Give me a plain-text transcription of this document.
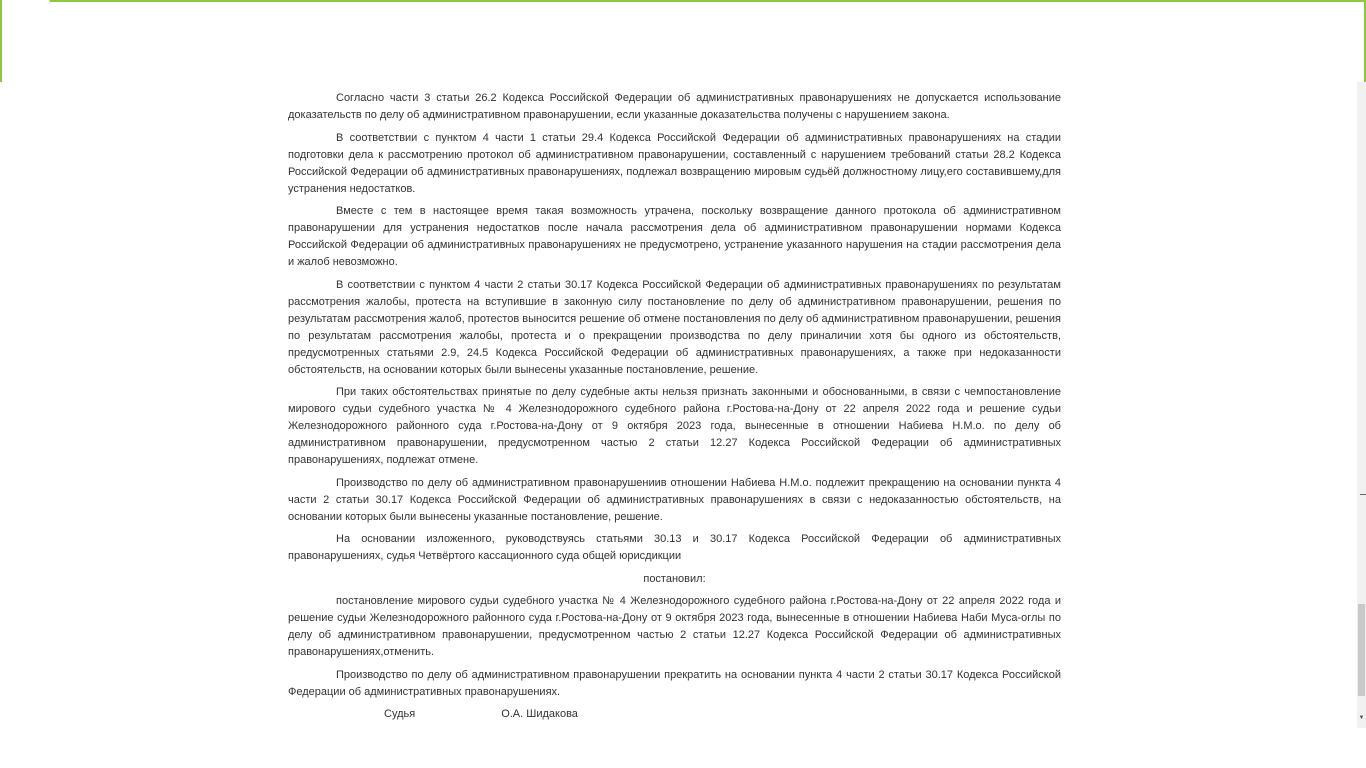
Согласно части 3 статьи 26.2 Кодекса Российской Федерации об административных правонарушениях не допускается использование доказательств по делу об административном правонарушении, если указанные доказательства получены с нарушением закона.

В соответствии с пунктом 4 части 1 статьи 29.4 Кодекса Российской Федерации об административных правонарушениях на стадии подготовки дела к рассмотрению протокол об административном правонарушении, составленный с нарушением требований статьи 28.2 Кодекса Российской Федерации об административных правонарушениях, подлежал возвращению мировым судьёй должностному лицу,его составившему,для устранения недостатков.

Вместе с тем в настоящее время такая возможность утрачена, поскольку возвращение данного протокола об административном правонарушении для устранения недостатков после начала рассмотрения дела об административном правонарушении нормами Кодекса Российской Федерации об административных правонарушениях не предусмотрено, устранение указанного нарушения на стадии рассмотрения дела и жалоб невозможно.

В соответствии с пунктом 4 части 2 статьи 30.17 Кодекса Российской Федерации об административных правонарушениях по результатам рассмотрения жалобы, протеста на вступившие в законную силу постановление по делу об административном правонарушении, решения по результатам рассмотрения жалоб, протестов выносится решение об отмене постановления по делу об административном правонарушении, решения по результатам рассмотрения жалобы, протеста и о прекращении производства по делу приналичии хотя бы одного из обстоятельств, предусмотренных статьями 2.9, 24.5 Кодекса Российской Федерации об административных правонарушениях, а также при недоказанности обстоятельств, на основании которых были вынесены указанные постановление, решение.

При таких обстоятельствах принятые по делу судебные акты нельзя признать законными и обоснованными, в связи с чемпостановление мирового судьи судебного участка № 4 Железнодорожного судебного района г.Ростова-на-Дону от 22 апреля 2022 года и решение судьи Железнодорожного районного суда г.Ростова-на-Дону от 9 октября 2023 года, вынесенные в отношении Набиева Н.М.о. по делу об административном правонарушении, предусмотренном частью 2 статьи 12.27 Кодекса Российской Федерации об административных правонарушениях, подлежат отмене.

Производство по делу об административном правонарушениив отношении Набиева Н.М.о. подлежит прекращению на основании пункта 4 части 2 статьи 30.17 Кодекса Российской Федерации об административных правонарушениях в связи с недоказанностью обстоятельств, на основании которых были вынесены указанные постановление, решение.

На основании изложенного, руководствуясь статьями 30.13 и 30.17 Кодекса Российской Федерации об административных правонарушениях, судья Четвёртого кассационного суда общей юрисдикции

постановил:

постановление мирового судьи судебного участка № 4 Железнодорожного судебного района г.Ростова-на-Дону от 22 апреля 2022 года и решение судьи Железнодорожного районного суда г.Ростова-на-Дону от 9 октября 2023 года, вынесенные в отношении Набиева Наби Муса-оглы по делу об административном правонарушении, предусмотренном частью 2 статьи 12.27 Кодекса Российской Федерации об административных правонарушениях,отменить.

Производство по делу об административном правонарушении прекратить на основании пункта 4 части 2 статьи 30.17 Кодекса Российской Федерации об административных правонарушениях.

Судья	О.А. Шидакова	▼
